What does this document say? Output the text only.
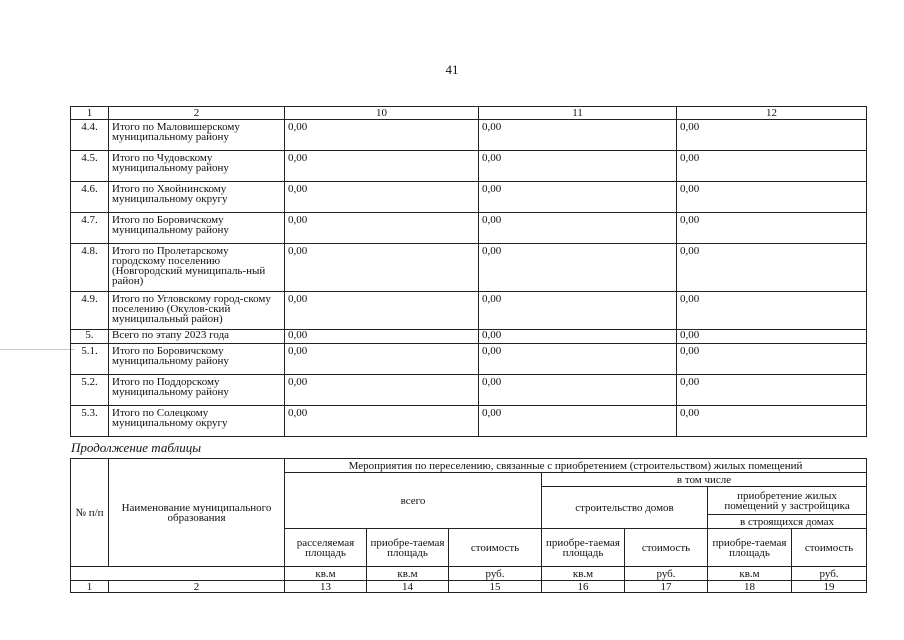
41
1	2	10	11	12
4.4.	Итого по Маловишерскому муниципальному району	0,00	0,00	0,00
4.5.	Итого по Чудовскому муниципальному району	0,00	0,00	0,00
4.6.	Итого по Хвойнинскому муниципальному округу	0,00	0,00	0,00
4.7.	Итого по Боровичскому муниципальному району	0,00	0,00	0,00
4.8.	Итого по Пролетарскому городскому поселению (Новгородский муниципаль-ный район)	0,00	0,00	0,00
4.9.	Итого по Угловскому город-скому поселению (Окулов-ский муниципальный район)	0,00	0,00	0,00
5.	Всего по этапу 2023 года	0,00	0,00	0,00
5.1.	Итого по Боровичскому муниципальному району	0,00	0,00	0,00
5.2.	Итого по Поддорскому муниципальному району	0,00	0,00	0,00
5.3.	Итого по Солецкому муниципальному округу	0,00	0,00	0,00
Продолжение таблицы
№ п/п	Наименование муниципального образования	Мероприятия по переселению, связанные с приобретением (строительством) жилых помещений						
		всего			в том числе			
					строительство домов		приобретение жилых помещений у застройщика	
							в строящихся домах	
		расселяемая площадь	приобре-таемая площадь	стоимость	приобре-таемая площадь	стоимость	приобре-таемая площадь	стоимость
		кв.м	кв.м	руб.	кв.м	руб.	кв.м	руб.
1	2	13	14	15	16	17	18	19
